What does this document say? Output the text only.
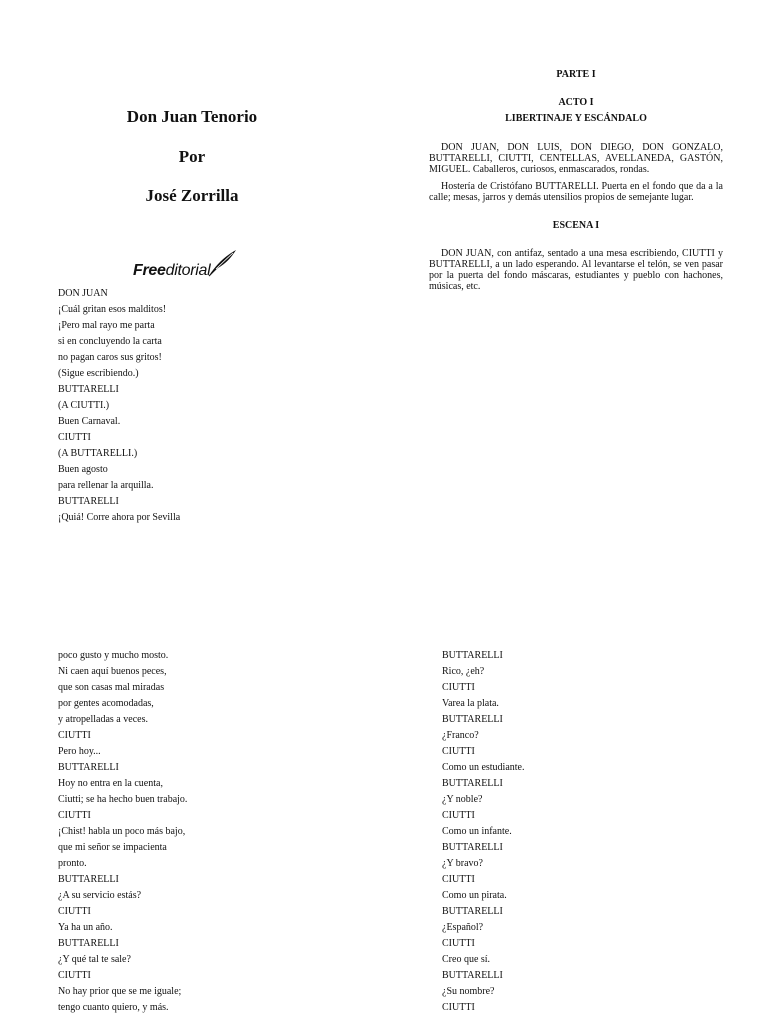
Don Juan Tenorio
Por
José Zorrilla
Free ditorial
PARTE I
ACTO I
LIBERTINAJE Y ESCÁNDALO

DON JUAN, DON LUIS, DON DIEGO, DON GONZALO, BUTTARELLI, CIUTTI, CENTELLAS, AVELLANEDA, GASTÓN, MIGUEL. Caballeros, curiosos, enmascarados, rondas.

Hostería de Cristófano BUTTARELLI. Puerta en el fondo que da a la calle; mesas, jarros y demás utensilios propios de semejante lugar.

ESCENA I

DON JUAN, con antifaz, sentado a una mesa escribiendo, CIUTTI y BUTTARELLI, a un lado esperando. Al levantarse el telón, se ven pasar por la puerta del fondo máscaras, estudiantes y pueblo con hachones, músicas, etc.

DON JUAN
¡Cuál gritan esos malditos!
¡Pero mal rayo me parta
si en concluyendo la carta
no pagan caros sus gritos!
(Sigue escribiendo.)
BUTTARELLI
(A CIUTTI.)
Buen Carnaval.
CIUTTI
(A BUTTARELLI.)
Buen agosto
para rellenar la arquilla.
BUTTARELLI
¡Quiá! Corre ahora por Sevilla
poco gusto y mucho mosto.
Ni caen aquí buenos peces,
que son casas mal miradas
por gentes acomodadas,
y atropelladas a veces.
CIUTTI
Pero hoy...
BUTTARELLI
Hoy no entra en la cuenta,
Ciutti; se ha hecho buen trabajo.
CIUTTI
¡Chist! habla un poco más bajo,
que mi señor se impacienta
pronto.
BUTTARELLI
¿A su servicio estás?
CIUTTI
Ya ha un año.
BUTTARELLI
¿Y qué tal te sale?
CIUTTI
No hay prior que se me iguale;
tengo cuanto quiero, y más.
BUTTARELLI
Rico, ¿eh?
CIUTTI
Varea la plata.
BUTTARELLI
¿Franco?
CIUTTI
Como un estudiante.
BUTTARELLI
¿Y noble?
CIUTTI
Como un infante.
BUTTARELLI
¿Y bravo?
CIUTTI
Como un pirata.
BUTTARELLI
¿Español?
CIUTTI
Creo que sí.
BUTTARELLI
¿Su nombre?
CIUTTI
